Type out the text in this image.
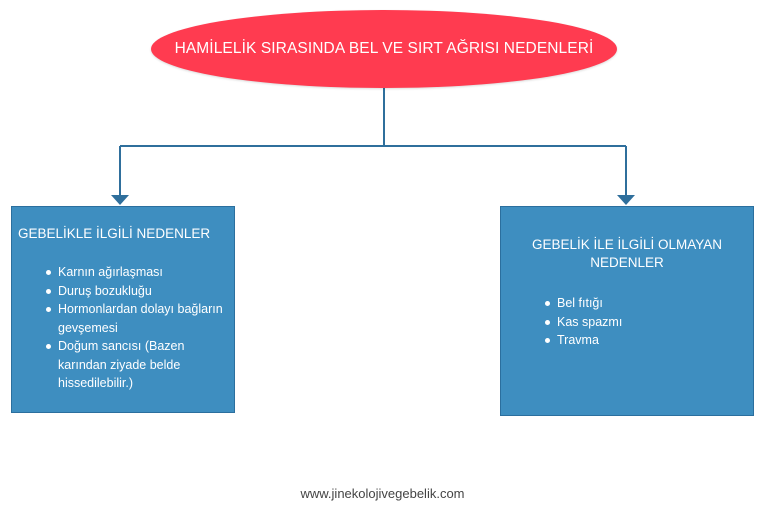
HAMİLELİK SIRASINDA BEL VE SIRT AĞRISI NEDENLERİ
GEBELİKLE İLGİLİ NEDENLER
Karnın ağırlaşması
Duruş bozukluğu
Hormonlardan dolayı bağların gevşemesi
Doğum sancısı (Bazen karından ziyade belde hissedilebilir.)
GEBELİK İLE İLGİLİ OLMAYAN NEDENLER
Bel fıtığı
Kas spazmı
Travma
www.jinekolojivegebelik.com
